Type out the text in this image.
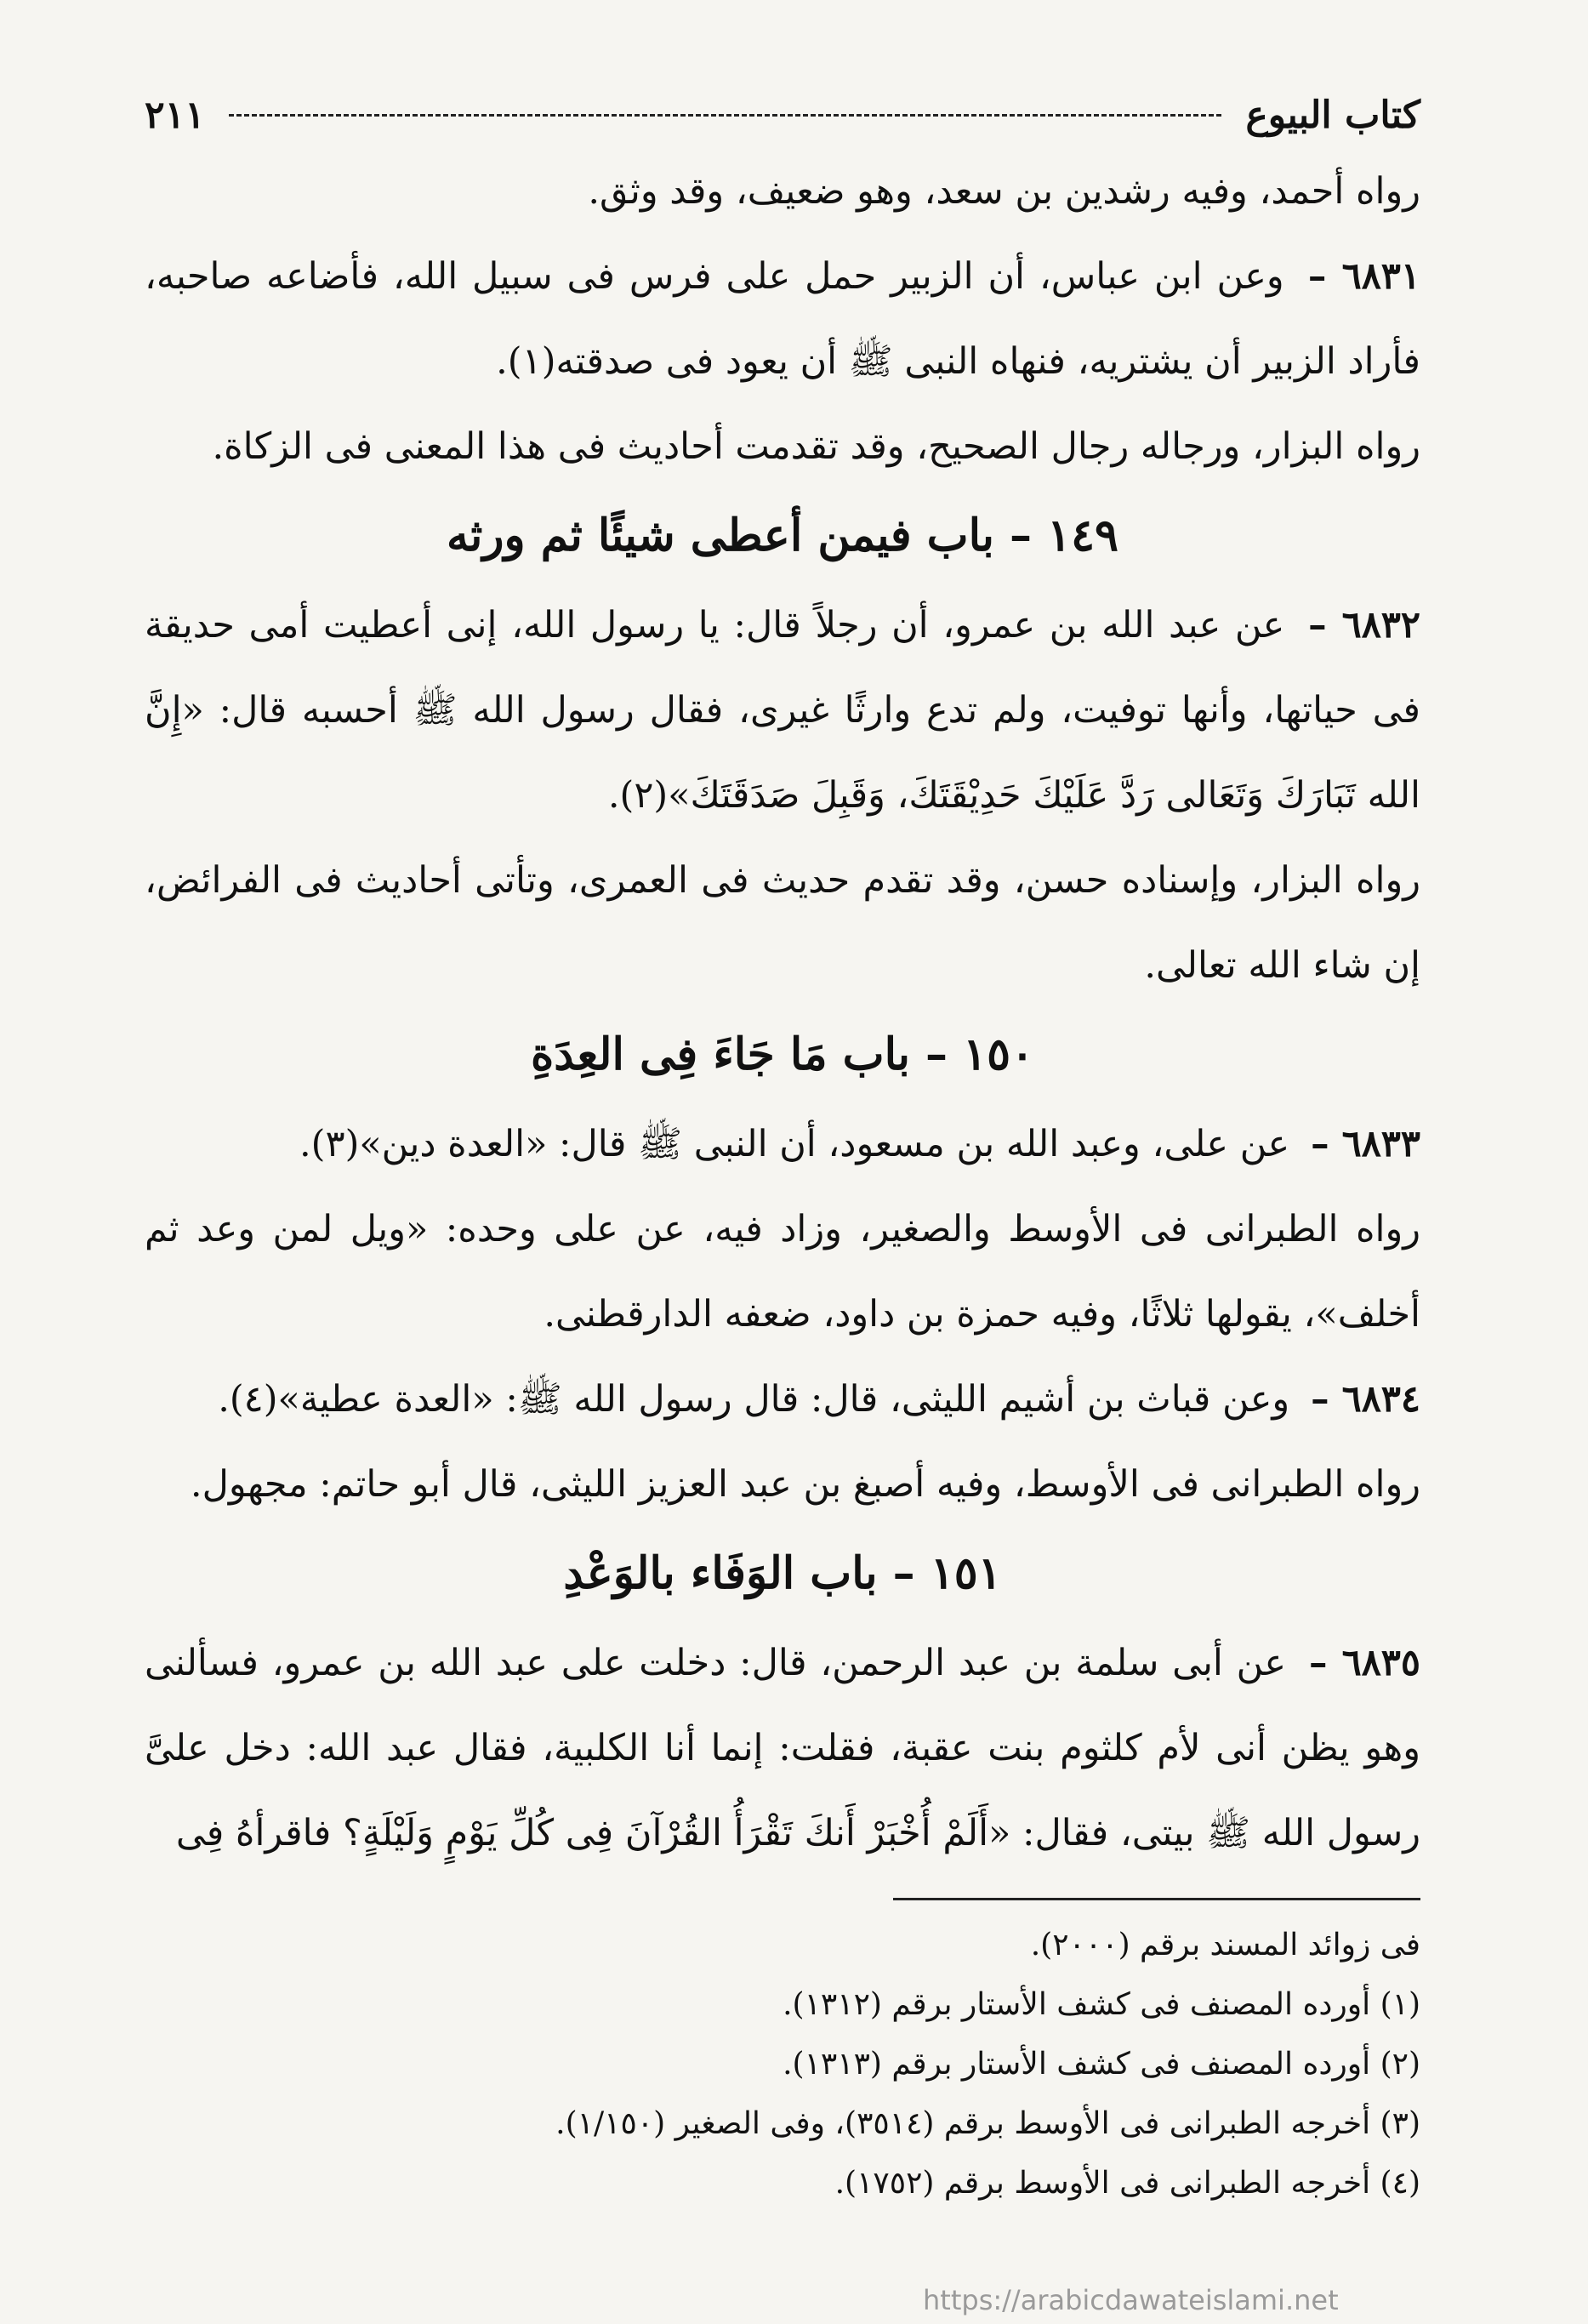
كتاب البيوع
٢١١

رواه أحمد، وفيه رشدين بن سعد، وهو ضعيف، وقد وثق.

٦٨٣١ – وعن ابن عباس، أن الزبير حمل على فرس فى سبيل الله، فأضاعه صاحبه، فأراد الزبير أن يشتريه، فنهاه النبى ﷺ أن يعود فى صدقته(١).

رواه البزار، ورجاله رجال الصحيح، وقد تقدمت أحاديث فى هذا المعنى فى الزكاة.

١٤٩ – باب فيمن أعطى شيئًا ثم ورثه

٦٨٣٢ – عن عبد الله بن عمرو، أن رجلاً قال: يا رسول الله، إنى أعطيت أمى حديقة فى حياتها، وأنها توفيت، ولم تدع وارثًا غيرى، فقال رسول الله ﷺ أحسبه قال: «إِنَّ الله تَبَارَكَ وَتَعَالى رَدَّ عَلَيْكَ حَدِيْقَتَكَ، وَقَبِلَ صَدَقَتَكَ»(٢).

رواه البزار، وإسناده حسن، وقد تقدم حديث فى العمرى، وتأتى أحاديث فى الفرائض، إن شاء الله تعالى.

١٥٠ – باب مَا جَاءَ فِى العِدَةِ

٦٨٣٣ – عن على، وعبد الله بن مسعود، أن النبى ﷺ قال: «العدة دين»(٣).

رواه الطبرانى فى الأوسط والصغير، وزاد فيه، عن على وحده: «ويل لمن وعد ثم أخلف»، يقولها ثلاثًا، وفيه حمزة بن داود، ضعفه الدارقطنى.

٦٨٣٤ – وعن قباث بن أشيم الليثى، قال: قال رسول الله ﷺ: «العدة عطية»(٤).

رواه الطبرانى فى الأوسط، وفيه أصبغ بن عبد العزيز الليثى، قال أبو حاتم: مجهول.

١٥١ – باب الوَفَاء بالوَعْدِ

٦٨٣٥ – عن أبى سلمة بن عبد الرحمن، قال: دخلت على عبد الله بن عمرو، فسألنى وهو يظن أنى لأم كلثوم بنت عقبة، فقلت: إنما أنا الكلبية، فقال عبد الله: دخل علىَّ رسول الله ﷺ بيتى، فقال: «أَلَمْ أُخْبَرْ أَنكَ تَقْرَأُ القُرْآنَ فِى كُلِّ يَوْمٍ وَلَيْلَةٍ؟ فاقرأهُ فِى

فى زوائد المسند برقم (٢٠٠٠).

(١) أورده المصنف فى كشف الأستار برقم (١٣١٢).

(٢) أورده المصنف فى كشف الأستار برقم (١٣١٣).

(٣) أخرجه الطبرانى فى الأوسط برقم (٣٥١٤)، وفى الصغير (١/١٥٠).

(٤) أخرجه الطبرانى فى الأوسط برقم (١٧٥٢).

https://arabicdawateislami.net
